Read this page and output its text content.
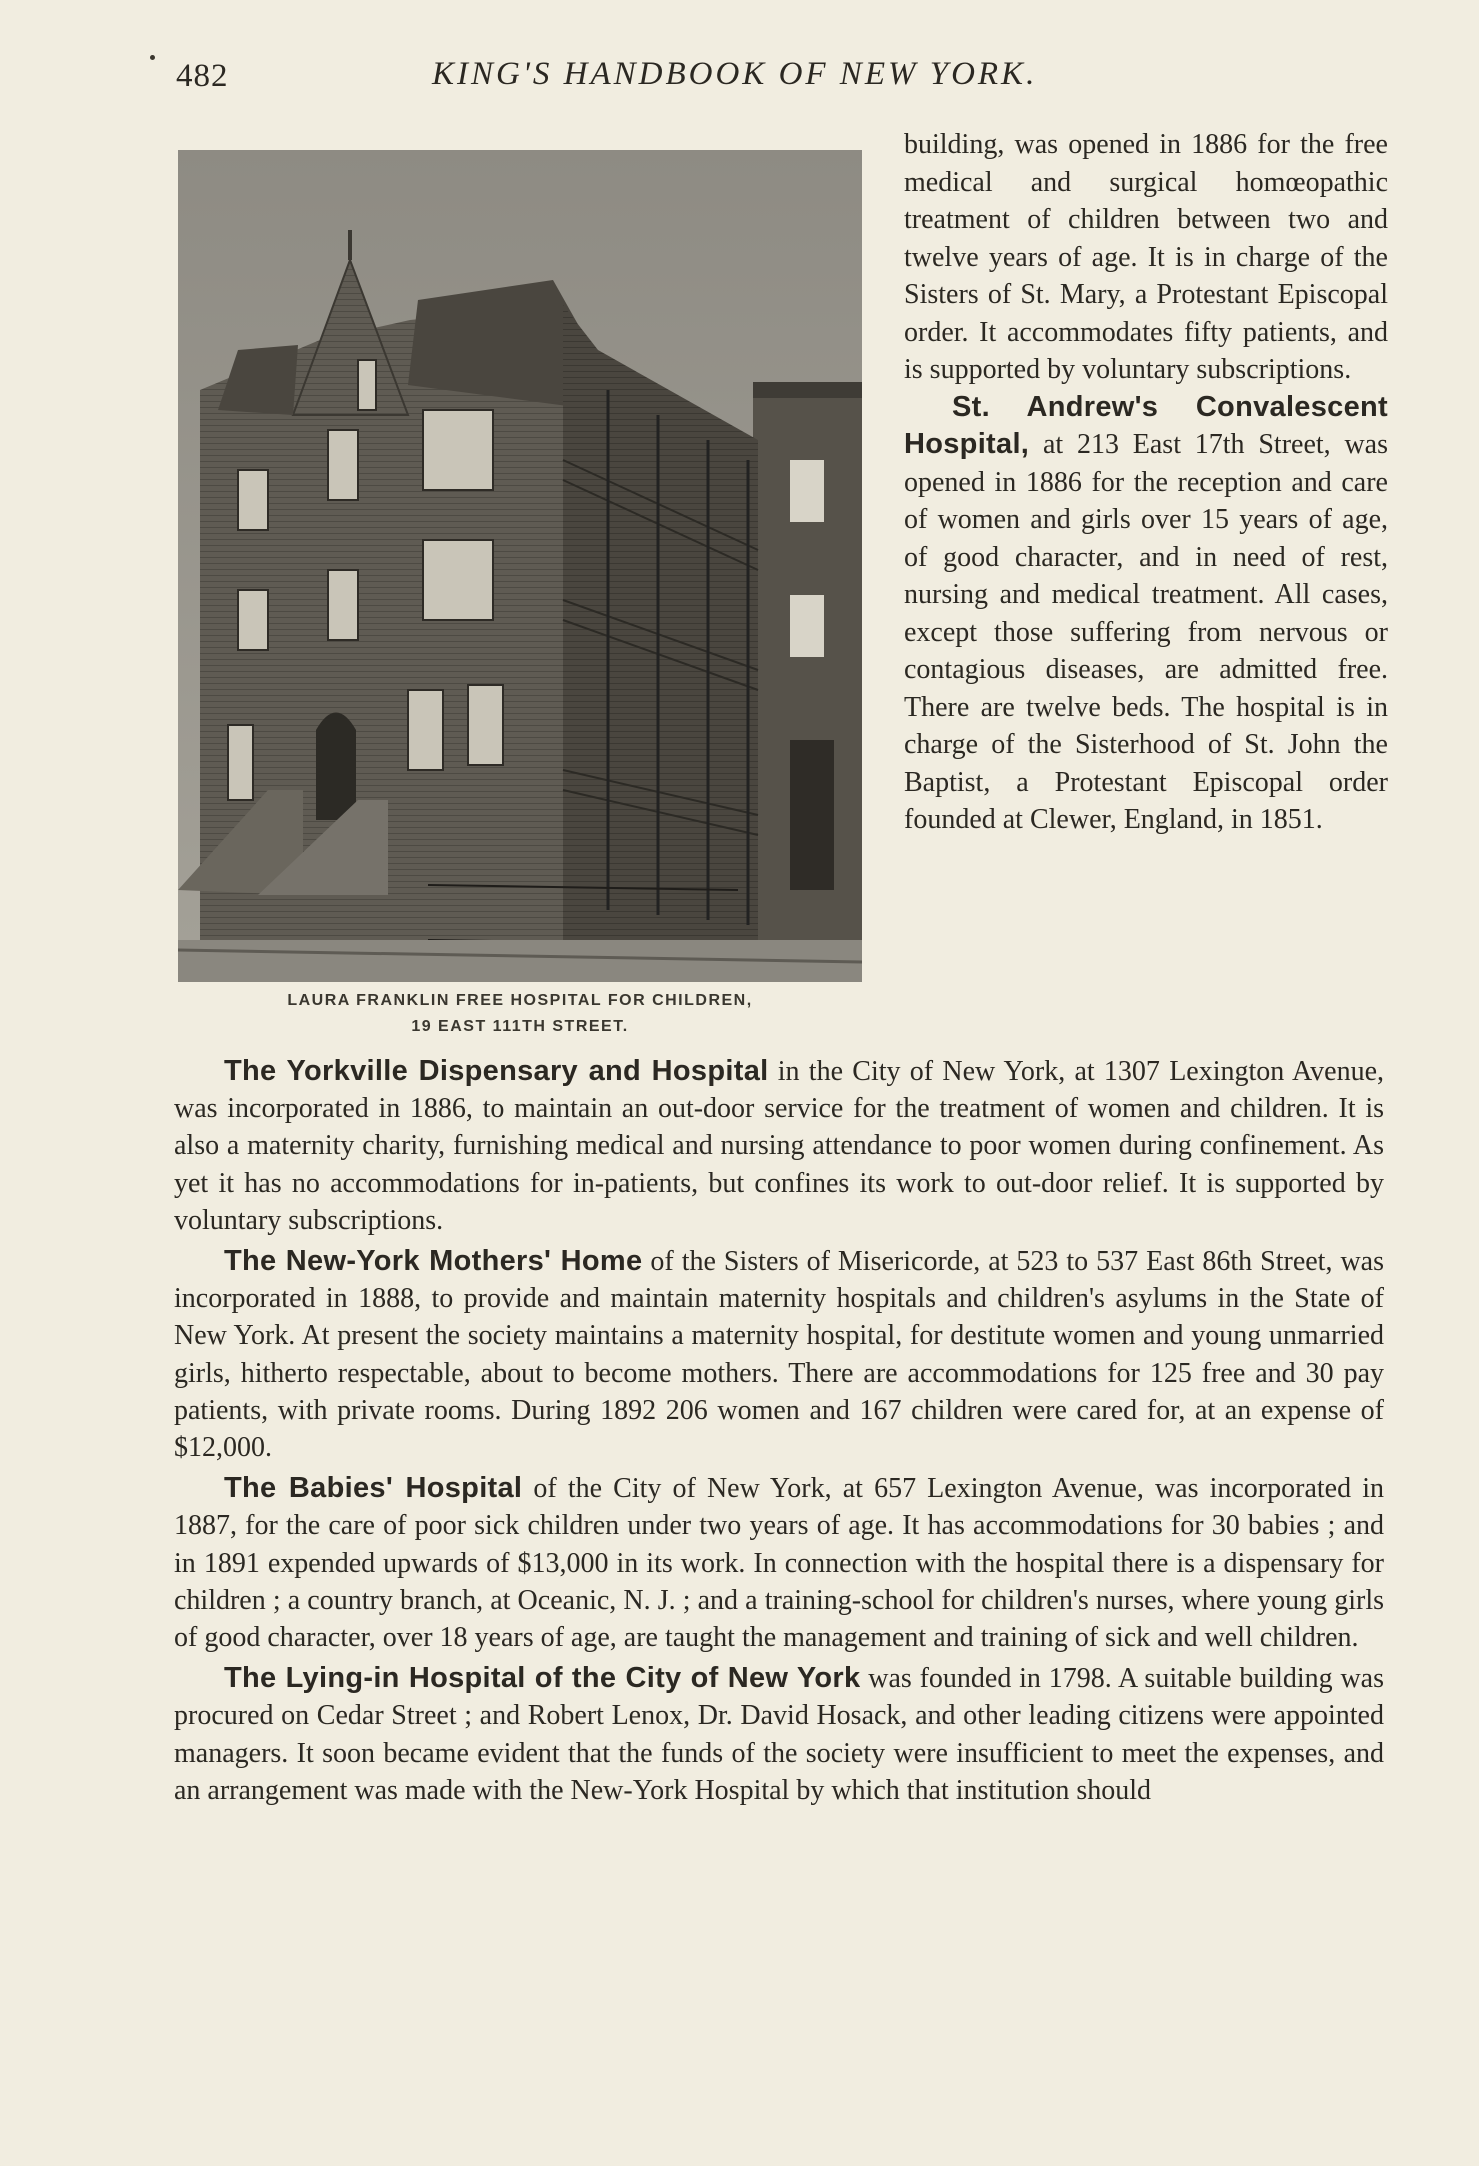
482	KING'S HANDBOOK OF NEW YORK.
LAURA FRANKLIN FREE HOSPITAL FOR CHILDREN,
19 EAST 111TH STREET.

building, was opened in 1886 for the free medical and surgical homœopathic treatment of children between two and twelve years of age. It is in charge of the Sisters of St. Mary, a Protestant Episcopal order. It accommodates fifty patients, and is supported by voluntary subscriptions.

St. Andrew's Convalescent Hospital, at 213 East 17th Street, was opened in 1886 for the reception and care of women and girls over 15 years of age, of good character, and in need of rest, nursing and medical treatment. All cases, except those suffering from nervous or contagious diseases, are admitted free. There are twelve beds. The hospital is in charge of the Sisterhood of St. John the Baptist, a Protestant Episcopal order founded at Clewer, England, in 1851.

The Yorkville Dispensary and Hospital in the City of New York, at 1307 Lexington Avenue, was incorporated in 1886, to maintain an out-door service for the treatment of women and children. It is also a maternity charity, furnishing medical and nursing attendance to poor women during confinement. As yet it has no accommodations for in-patients, but confines its work to out-door relief. It is supported by voluntary subscriptions.

The New-York Mothers' Home of the Sisters of Misericorde, at 523 to 537 East 86th Street, was incorporated in 1888, to provide and maintain maternity hospitals and children's asylums in the State of New York. At present the society maintains a maternity hospital, for destitute women and young unmarried girls, hitherto respectable, about to become mothers. There are accommodations for 125 free and 30 pay patients, with private rooms. During 1892 206 women and 167 children were cared for, at an expense of $12,000.

The Babies' Hospital of the City of New York, at 657 Lexington Avenue, was incorporated in 1887, for the care of poor sick children under two years of age. It has accommodations for 30 babies ; and in 1891 expended upwards of $13,000 in its work. In connection with the hospital there is a dispensary for children ; a country branch, at Oceanic, N. J. ; and a training-school for children's nurses, where young girls of good character, over 18 years of age, are taught the management and training of sick and well children.

The Lying-in Hospital of the City of New York was founded in 1798. A suitable building was procured on Cedar Street ; and Robert Lenox, Dr. David Hosack, and other leading citizens were appointed managers. It soon became evident that the funds of the society were insufficient to meet the expenses, and an arrangement was made with the New-York Hospital by which that institution should
